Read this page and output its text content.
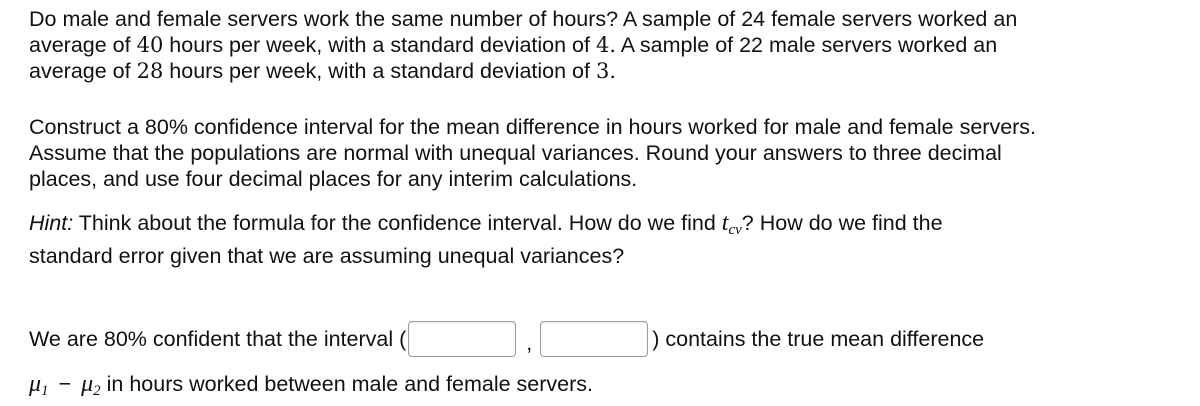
Do male and female servers work the same number of hours? A sample of 24 female servers worked an
average of 40 hours per week, with a standard deviation of 4. A sample of 22 male servers worked an
average of 28 hours per week, with a standard deviation of 3.

Construct a 80% confidence interval for the mean difference in hours worked for male and female servers.
Assume that the populations are normal with unequal variances. Round your answers to three decimal
places, and use four decimal places for any interim calculations.

Hint: Think about the formula for the confidence interval. How do we find $t_{cv}$? How do we find the
standard error given that we are assuming unequal variances?

We are 80% confident that the interval (	,	) contains the true mean difference

$\mu_1 - \mu_2$ in hours worked between male and female servers.
